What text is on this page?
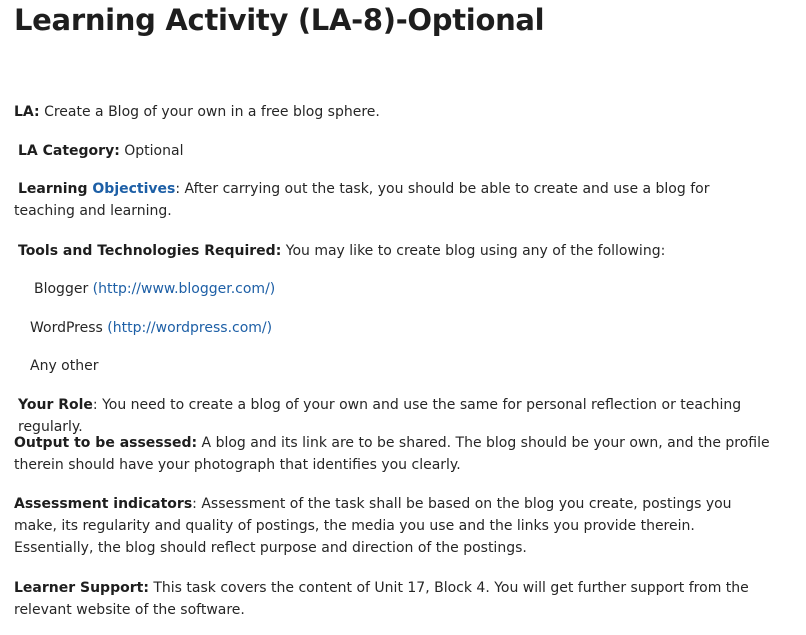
Learning Activity (LA-8)-Optional

LA: Create a Blog of your own in a free blog sphere.

LA Category: Optional

Learning Objectives: After carrying out the task, you should be able to create and use a blog for teaching and learning.

Tools and Technologies Required: You may like to create blog using any of the following:

Blogger (http://www.blogger.com/)

WordPress (http://wordpress.com/)

Any other

Your Role: You need to create a blog of your own and use the same for personal reflection or teaching regularly.

Output to be assessed: A blog and its link are to be shared. The blog should be your own, and the profile therein should have your photograph that identifies you clearly.

Assessment indicators: Assessment of the task shall be based on the blog you create, postings you make, its regularity and quality of postings, the media you use and the links you provide therein. Essentially, the blog should reflect purpose and direction of the postings.

Learner Support: This task covers the content of Unit 17, Block 4. You will get further support from the relevant website of the software.
